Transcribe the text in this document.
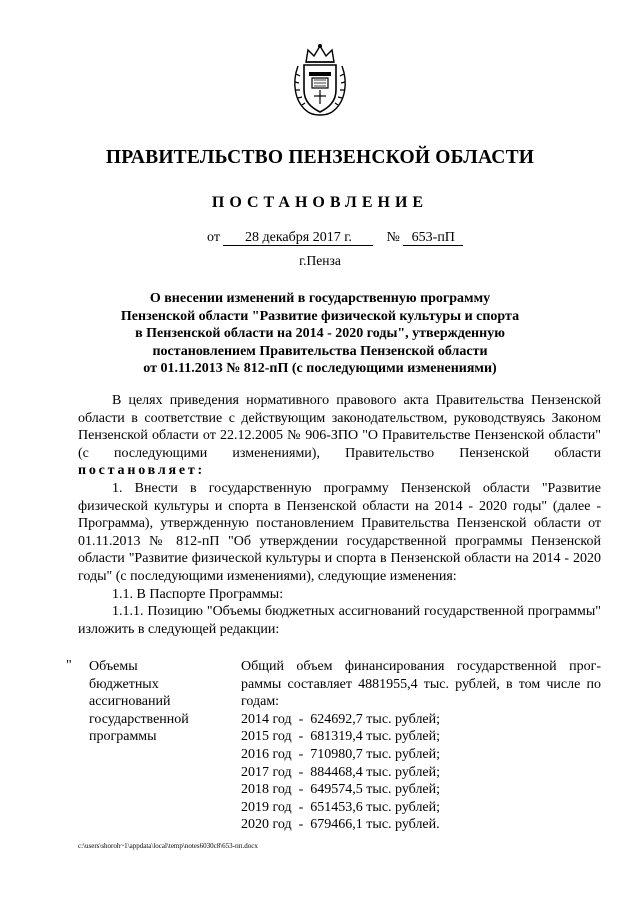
ПРАВИТЕЛЬСТВО ПЕНЗЕНСКОЙ ОБЛАСТИ
ПОСТАНОВЛЕНИЕ
от 28 декабря 2017 г. № 653-пП
г.Пенза
О внесении изменений в государственную программу
Пензенской области "Развитие физической культуры и спорта
в Пензенской области на 2014 - 2020 годы", утвержденную
постановлением Правительства Пензенской области
от 01.11.2013 № 812-пП (с последующими изменениями)

В целях приведения нормативного правового акта Правительства Пензенской области в соответствие с действующим законодательством, руководствуясь Законом Пензенской области от 22.12.2005 № 906-ЗПО "О Правительстве Пензенской области" (с последующими изменениями), Правительство Пензенской области постановляет:

1. Внести в государственную программу Пензенской области "Развитие физической культуры и спорта в Пензенской области на 2014 - 2020 годы" (далее - Программа), утвержденную постановлением Правительства Пензенской области от 01.11.2013 № 812-пП "Об утверждении государственной программы Пензенской области "Развитие физической культуры и спорта в Пензенской области на 2014 - 2020 годы" (с последующими изменениями), следующие изменения:

1.1. В Паспорте Программы:

1.1.1. Позицию "Объемы бюджетных ассигнований государственной программы" изложить в следующей редакции:

" Объемы
бюджетных
ассигнований
государственной
программы
Общий объем финансирования государственной прог-раммы составляет 4881955,4 тыс. рублей, в том числе по годам:
2014 год - 624692,7 тыс. рублей;
2015 год - 681319,4 тыс. рублей;
2016 год - 710980,7 тыс. рублей;
2017 год - 884468,4 тыс. рублей;
2018 год - 649574,5 тыс. рублей;
2019 год - 651453,6 тыс. рублей;
2020 год - 679466,1 тыс. рублей.
c:\users\shoroh~1\appdata\local\temp\notes6030c8\653-пп.docx
